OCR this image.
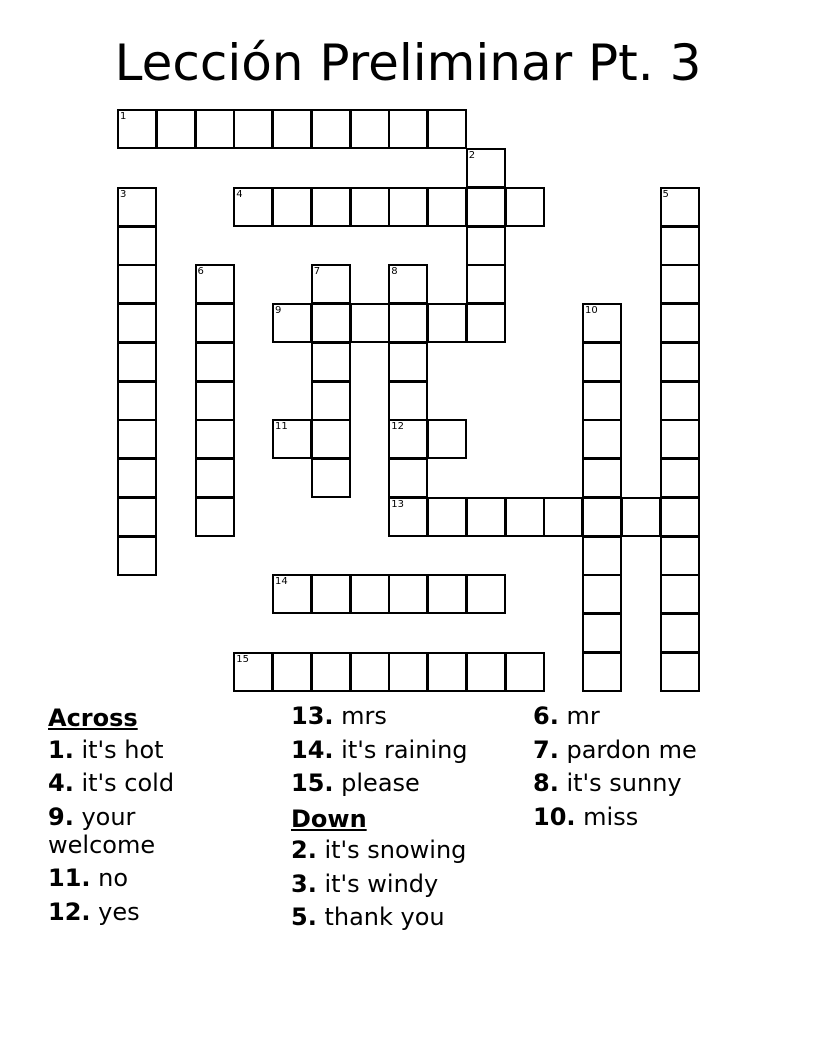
Lección Preliminar Pt. 3
1
2
3	4	5
6	7	8
9	10
11	12
13
14
15
Across
1. it's hot
4. it's cold
9. your welcome
11. no
12. yes
13. mrs
14. it's raining
15. please
Down
2. it's snowing
3. it's windy
5. thank you
6. mr
7. pardon me
8. it's sunny
10. miss
